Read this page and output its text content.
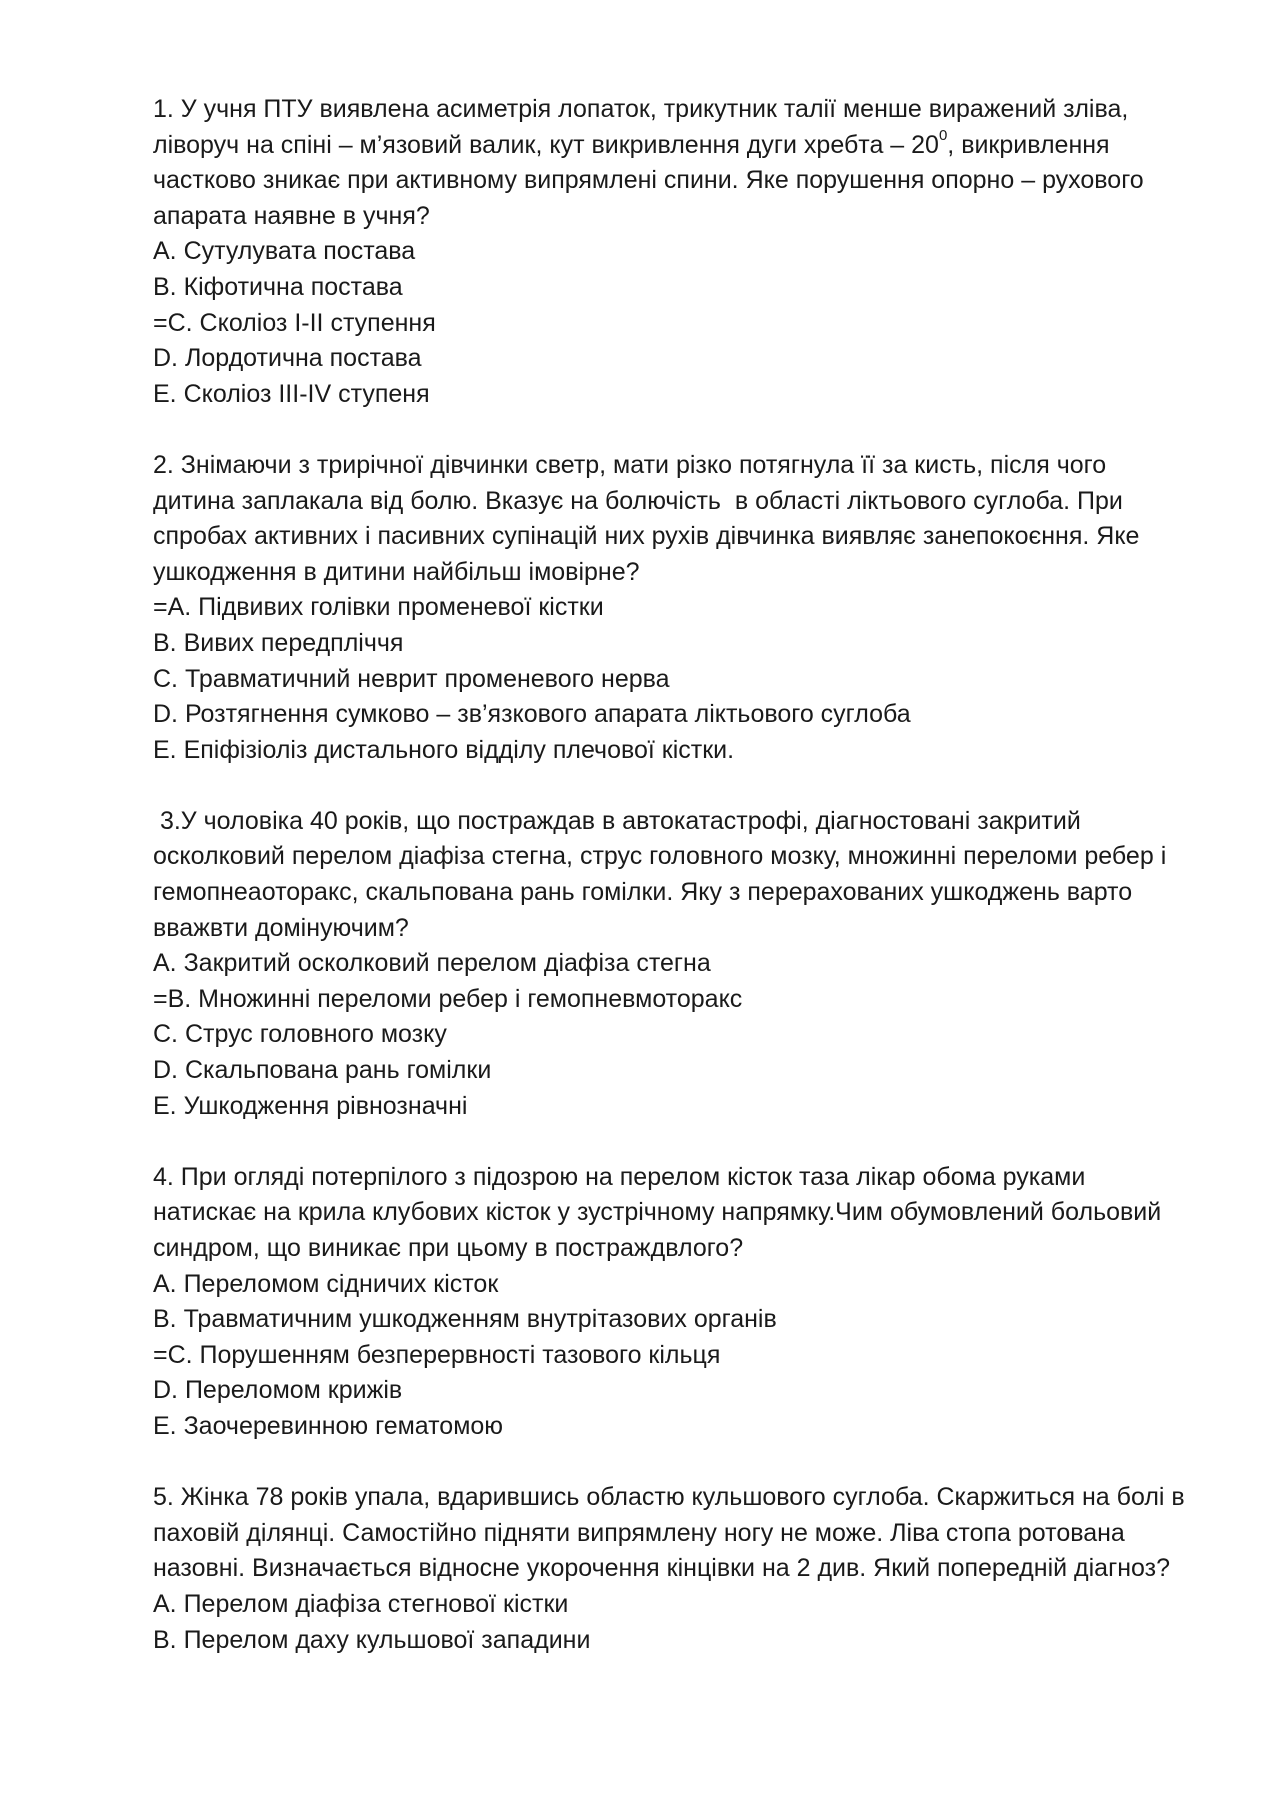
1. У учня ПТУ виявлена асиметрія лопаток, трикутник талії менше виражений зліва, ліворуч на спіні – м’язовий валик, кут викривлення дуги хребта – $20^0$, викривлення частково зникає при активному випрямлені спини. Яке порушення опорно – рухового апарата наявне в учня?

A. Сутулувата постава

B. Кіфотична постава

=C. Сколіоз I-II ступення

D. Лордотична постава

E. Сколіоз III-IV ступеня

2. Знімаючи з трирічної дівчинки светр, мати різко потягнула її за кисть, після чого дитина заплакала від болю. Вказує на болючість  в області ліктьового суглоба. При спробах активних і пасивних супінацій них рухів дівчинка виявляє занепокоєння. Яке ушкодження в дитини найбільш імовірне?

=A. Підвивих голівки променевої кістки

B. Вивих передпліччя

C. Травматичний неврит променевого нерва

D. Розтягнення сумково – зв’язкового апарата ліктьового суглоба

E. Епіфізіоліз дистального відділу плечової кістки.

3.У чоловіка 40 років, що постраждав в автокатастрофі, діагностовані закритий осколковий перелом діафіза стегна, струс головного мозку, множинні переломи ребер і гемопнеаоторакс, скальпована рань гомілки. Яку з перерахованих ушкоджень варто вважвти домінуючим?

A. Закритий осколковий перелом діафіза стегна

=B. Множинні переломи ребер і гемопневмоторакс

C. Струс головного мозку

D. Скальпована рань гомілки

E. Ушкодження рівнозначні

4. При огляді потерпілого з підозрою на перелом кісток таза лікар обома руками натискає на крила клубових кісток у зустрічному напрямку.Чим обумовлений больовий синдром, що виникає при цьому в постраждвлого?

A. Переломом сідничих кісток

B. Травматичним ушкодженням внутрітазових органів

=C. Порушенням безперервності тазового кільця

D. Переломом крижів

E. Заочеревинною гематомою

5. Жінка 78 років упала, вдарившись областю кульшового суглоба. Скаржиться на болі в паховій ділянці. Самостійно підняти випрямлену ногу не може. Ліва стопа ротована назовні. Визначається відносне укорочення кінцівки на 2 див. Який попередній діагноз?

A. Перелом діафіза стегнової кістки

B. Перелом даху кульшової западини
